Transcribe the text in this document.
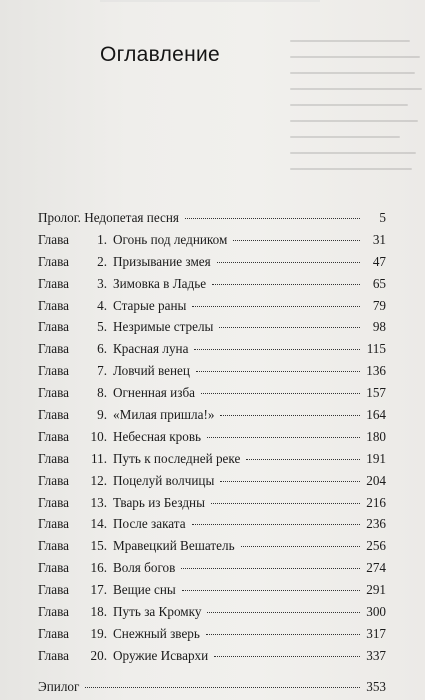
Оглавление
Пролог. Недопетая песня	5
Глава 1. Огонь под ледником	31
Глава 2. Призывание змея	47
Глава 3. Зимовка в Ладье	65
Глава 4. Старые раны	79
Глава 5. Незримые стрелы	98
Глава 6. Красная луна	115
Глава 7. Ловчий венец	136
Глава 8. Огненная изба	157
Глава 9. «Милая пришла!»	164
Глава 10. Небесная кровь	180
Глава 11. Путь к последней реке	191
Глава 12. Поцелуй волчицы	204
Глава 13. Тварь из Бездны	216
Глава 14. После заката	236
Глава 15. Мравецкий Вешатель	256
Глава 16. Воля богов	274
Глава 17. Вещие сны	291
Глава 18. Путь за Кромку	300
Глава 19. Снежный зверь	317
Глава 20. Оружие Исвархи	337
Эпилог	353
